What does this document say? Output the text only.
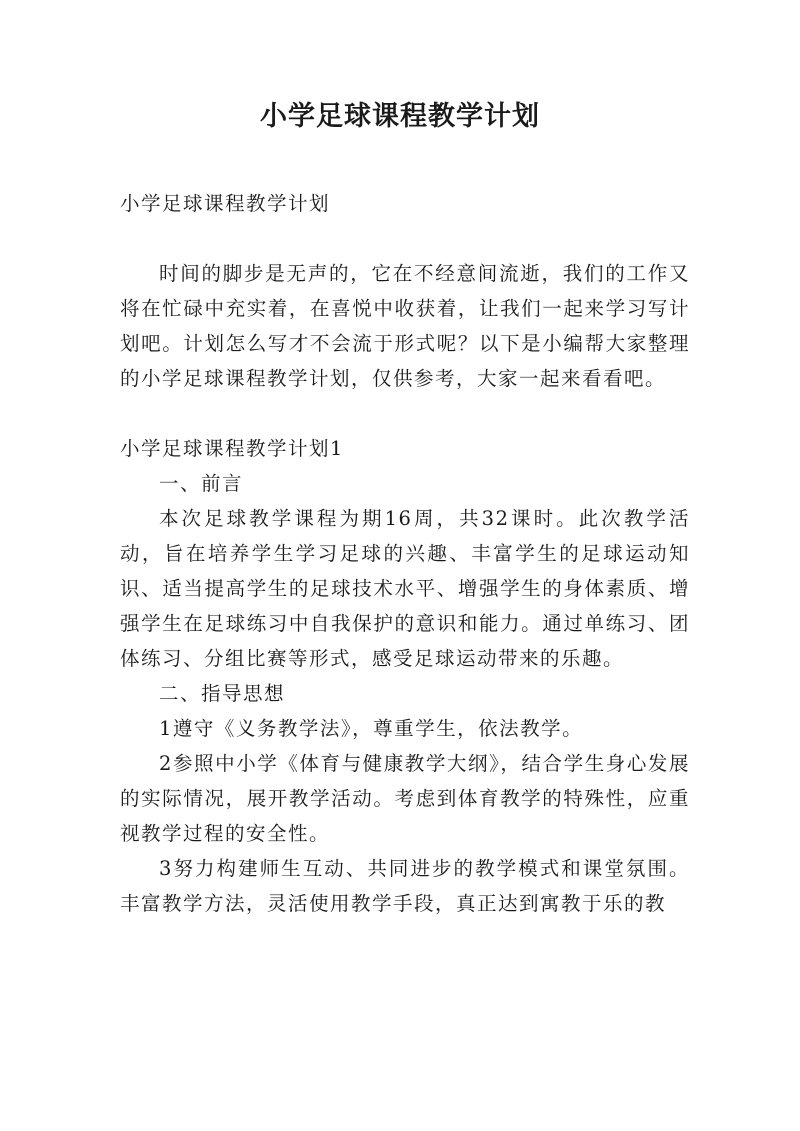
小学足球课程教学计划

小学足球课程教学计划

时间的脚步是无声的，它在不经意间流逝，我们的工作又将在忙碌中充实着，在喜悦中收获着，让我们一起来学习写计划吧。计划怎么写才不会流于形式呢？以下是小编帮大家整理的小学足球课程教学计划，仅供参考，大家一起来看看吧。

小学足球课程教学计划1

一、前言

本次足球教学课程为期16周，共32课时。此次教学活动，旨在培养学生学习足球的兴趣、丰富学生的足球运动知识、适当提高学生的足球技术水平、增强学生的身体素质、增强学生在足球练习中自我保护的意识和能力。通过单练习、团体练习、分组比赛等形式，感受足球运动带来的乐趣。

二、指导思想

1遵守《义务教学法》，尊重学生，依法教学。

2参照中小学《体育与健康教学大纲》，结合学生身心发展的实际情况，展开教学活动。考虑到体育教学的特殊性，应重视教学过程的安全性。

3努力构建师生互动、共同进步的教学模式和课堂氛围。丰富教学方法，灵活使用教学手段，真正达到寓教于乐的教
